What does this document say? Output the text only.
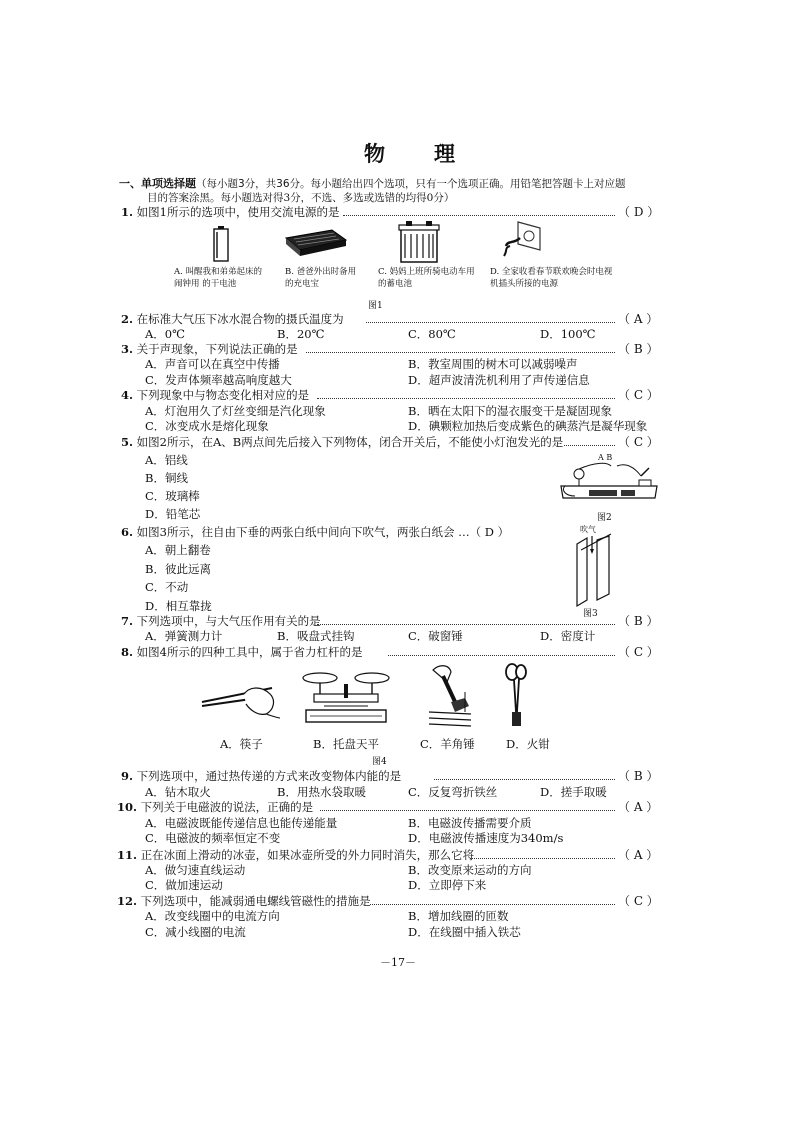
物　理
一、单项选择题（每小题3分，共36分。每小题给出四个选项，只有一个选项正确。用铅笔把答题卡上对应题
目的答案涂黑。每小题选对得3分，不选、多选或选错的均得0分）
1. 如图1所示的选项中，使用交流电源的是	（ D ）
A. 叫醒我和弟弟起床的闹钟用 的干电池
B. 爸爸外出时备用的充电宝
C. 妈妈上班所骑电动车用的蓄电池
D. 全家收看春节联欢晚会时电视机插头所接的电源
图1
2. 在标准大气压下冰水混合物的摄氏温度为	（ A ）
A．0℃	B．20℃	C．80℃	D．100℃
3. 关于声现象，下列说法正确的是	（ B ）
A．声音可以在真空中传播	B．教室周围的树木可以减弱噪声
C．发声体频率越高响度越大	D．超声波清洗机利用了声传递信息
4. 下列现象中与物态变化相对应的是	（ C ）
A．灯泡用久了灯丝变细是汽化现象	B．晒在太阳下的湿衣服变干是凝固现象
C．冰变成水是熔化现象	D．碘颗粒加热后变成紫色的碘蒸汽是凝华现象
5. 如图2所示，在A、B两点间先后接入下列物体，闭合开关后，不能使小灯泡发光的是	（ C ）
A．铝线
B．铜线
C．玻璃棒
D．铅笔芯
A B
图2
6. 如图3所示，往自由下垂的两张白纸中间向下吹气，两张白纸会 …（ D ）
A．朝上翻卷
B．彼此远离
C．不动
D．相互靠拢
吹气
图3
7. 下列选项中，与大气压作用有关的是	（ B ）
A．弹簧测力计	B．吸盘式挂钩	C．破窗锤	D．密度计
8. 如图4所示的四种工具中，属于省力杠杆的是	（ C ）
A．筷子	B．托盘天平	C．羊角锤	D．火钳
图4
9. 下列选项中，通过热传递的方式来改变物体内能的是	（ B ）
A．钻木取火	B．用热水袋取暖	C．反复弯折铁丝	D．搓手取暖
10. 下列关于电磁波的说法，正确的是	（ A ）
A．电磁波既能传递信息也能传递能量	B．电磁波传播需要介质
C．电磁波的频率恒定不变	D．电磁波传播速度为340m/s
11. 正在冰面上滑动的冰壶，如果冰壶所受的外力同时消失，那么它将	（ A ）
A．做匀速直线运动	B．改变原来运动的方向
C．做加速运动	D．立即停下来
12. 下列选项中，能减弱通电螺线管磁性的措施是	（ C ）
A．改变线圈中的电流方向	B．增加线圈的匝数
C．减小线圈的电流	D．在线圈中插入铁芯
－17－
